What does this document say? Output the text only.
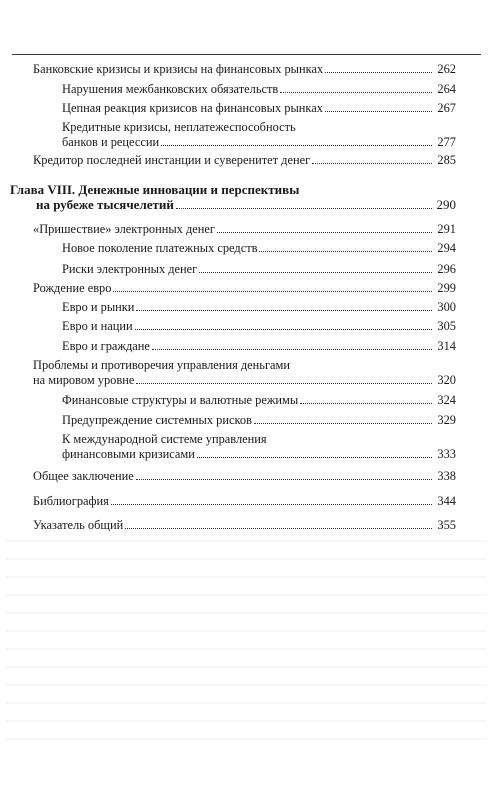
Банковские кризисы и кризисы на финансовых рынках	262
Нарушения межбанковских обязательств	264
Цепная реакция кризисов на финансовых рынках	267
Кредитные кризисы, неплатежеспособность
банков и рецессии	277
Кредитор последней инстанции и суверенитет денег	285
Глава VIII. Денежные инновации и перспективы
на рубеже тысячелетий	290
«Пришествие» электронных денег	291
Новое поколение платежных средств	294
Риски электронных денег	296
Рождение евро	299
Евро и рынки	300
Евро и нации	305
Евро и граждане	314
Проблемы и противоречия управления деньгами
на мировом уровне	320
Финансовые структуры и валютные режимы	324
Предупреждение системных рисков	329
К международной системе управления
финансовыми кризисами	333
Общее заключение	338
Библиография	344
Указатель общий	355
